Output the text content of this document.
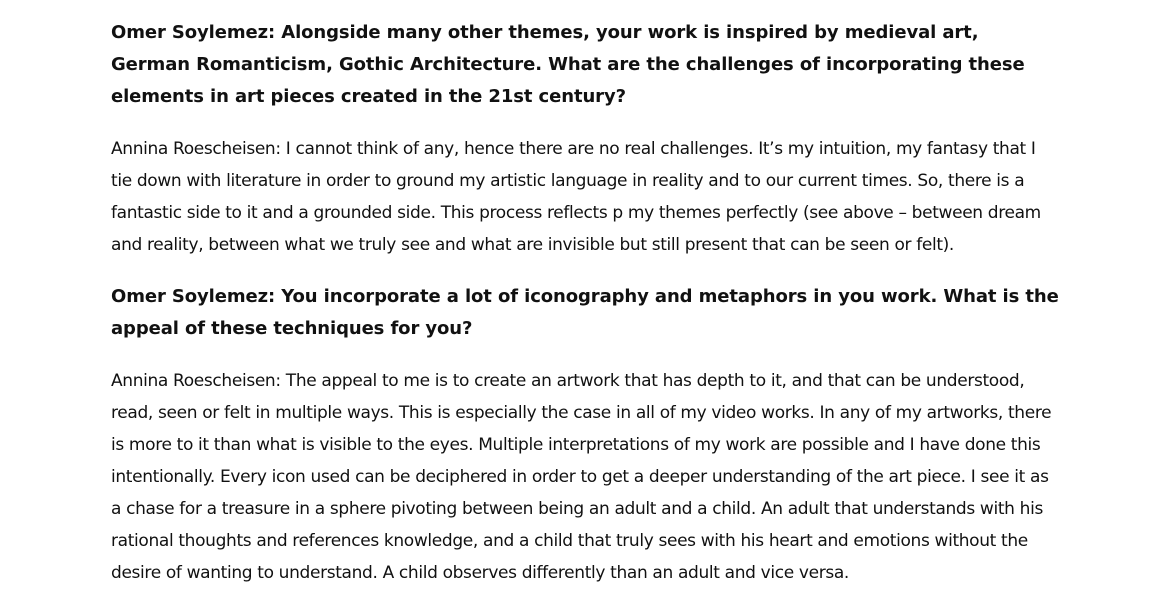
Omer Soylemez: Alongside many other themes, your work is inspired by medieval art, German Romanticism, Gothic Architecture. What are the challenges of incorporating these elements in art pieces created in the 21st century?

Annina Roescheisen: I cannot think of any, hence there are no real challenges. It’s my intuition, my fantasy that I tie down with literature in order to ground my artistic language in reality and to our current times. So, there is a fantastic side to it and a grounded side. This process reflects p my themes perfectly (see above – between dream and reality, between what we truly see and what are invisible but still present that can be seen or felt).

Omer Soylemez: You incorporate a lot of iconography and metaphors in you work. What is the appeal of these techniques for you?

Annina Roescheisen: The appeal to me is to create an artwork that has depth to it, and that can be understood, read, seen or felt in multiple ways. This is especially the case in all of my video works. In any of my artworks, there is more to it than what is visible to the eyes. Multiple interpretations of my work are possible and I have done this intentionally. Every icon used can be deciphered in order to get a deeper understanding of the art piece. I see it as a chase for a treasure in a sphere pivoting between being an adult and a child. An adult that understands with his rational thoughts and references knowledge, and a child that truly sees with his heart and emotions without the desire of wanting to understand. A child observes differently than an adult and vice versa.
